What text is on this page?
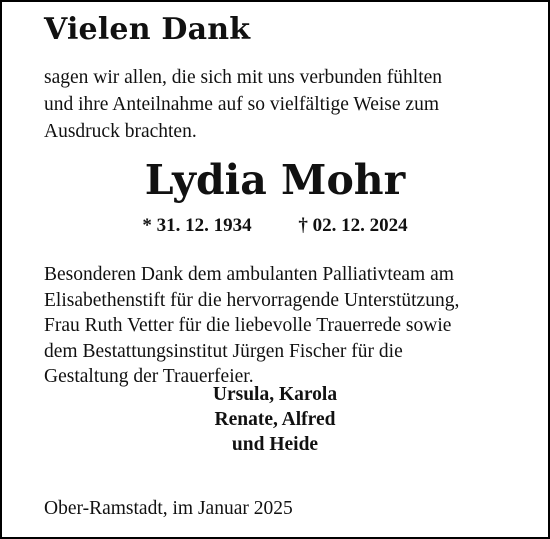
Vielen Dank
sagen wir allen, die sich mit uns verbunden fühlten
und ihre Anteilnahme auf so vielfältige Weise zum
Ausdruck brachten.
Lydia Mohr
* 31. 12. 1934 † 02. 12. 2024
Besonderen Dank dem ambulanten Palliativteam am
Elisabethenstift für die hervorragende Unterstützung,
Frau Ruth Vetter für die liebevolle Trauerrede sowie
dem Bestattungsinstitut Jürgen Fischer für die
Gestaltung der Trauerfeier.
Ursula, Karola
Renate, Alfred
und Heide
Ober-Ramstadt, im Januar 2025
